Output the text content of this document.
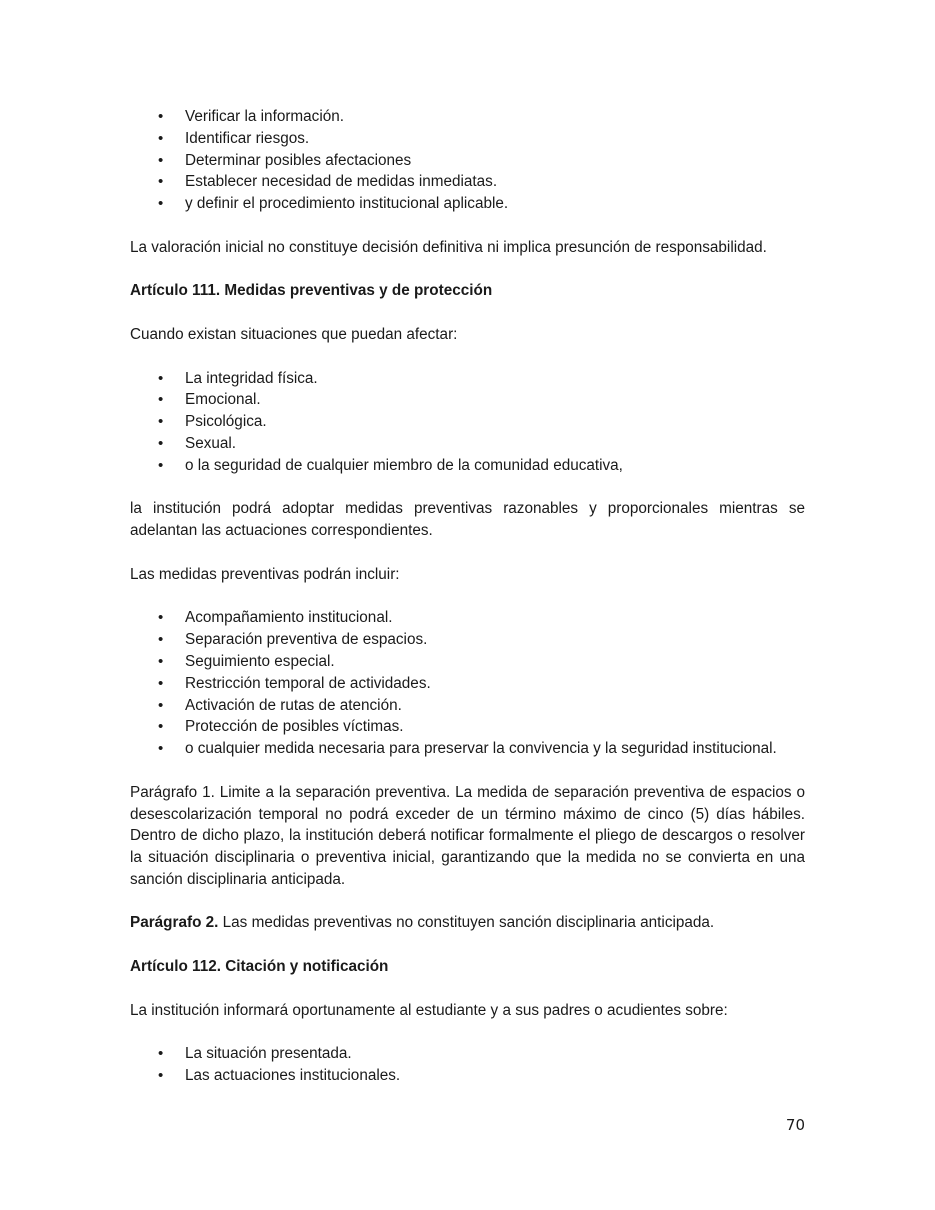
• Verificar la información.
• Identificar riesgos.
• Determinar posibles afectaciones
• Establecer necesidad de medidas inmediatas.
• y definir el procedimiento institucional aplicable.

La valoración inicial no constituye decisión definitiva ni implica presunción de responsabilidad.

Artículo 111. Medidas preventivas y de protección

Cuando existan situaciones que puedan afectar:

• La integridad física.
• Emocional.
• Psicológica.
• Sexual.
• o la seguridad de cualquier miembro de la comunidad educativa,

la institución podrá adoptar medidas preventivas razonables y proporcionales mientras se adelantan las actuaciones correspondientes.

Las medidas preventivas podrán incluir:

• Acompañamiento institucional.
• Separación preventiva de espacios.
• Seguimiento especial.
• Restricción temporal de actividades.
• Activación de rutas de atención.
• Protección de posibles víctimas.
• o cualquier medida necesaria para preservar la convivencia y la seguridad institucional.

Parágrafo 1. Limite a la separación preventiva. La medida de separación preventiva de espacios o desescolarización temporal no podrá exceder de un término máximo de cinco (5) días hábiles. Dentro de dicho plazo, la institución deberá notificar formalmente el pliego de descargos o resolver la situación disciplinaria o preventiva inicial, garantizando que la medida no se convierta en una sanción disciplinaria anticipada.

Parágrafo 2. Las medidas preventivas no constituyen sanción disciplinaria anticipada.

Artículo 112. Citación y notificación

La institución informará oportunamente al estudiante y a sus padres o acudientes sobre:

• La situación presentada.
• Las actuaciones institucionales.
70
